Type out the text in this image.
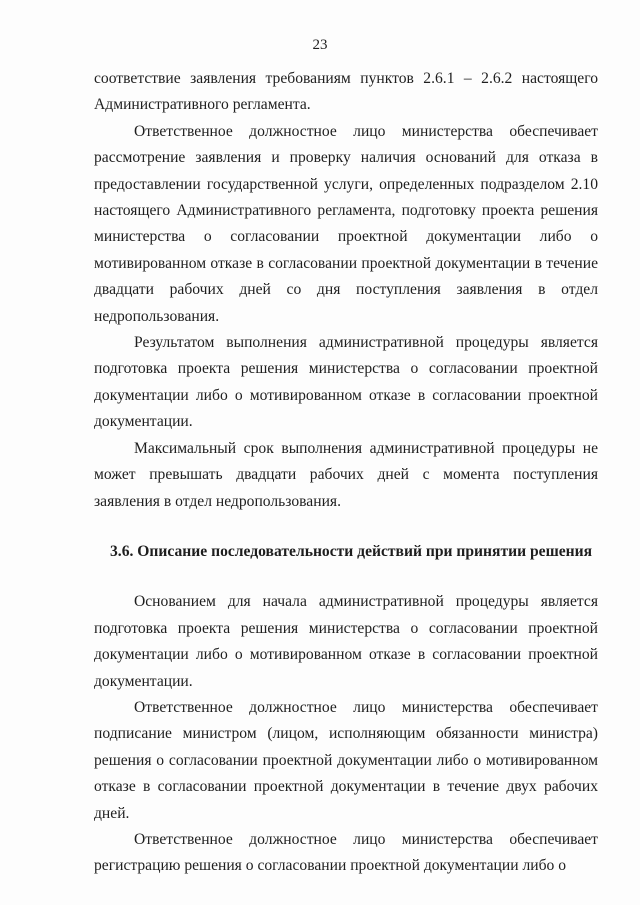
23

соответствие заявления требованиям пунктов 2.6.1 – 2.6.2 настоящего Административного регламента.

Ответственное должностное лицо министерства обеспечивает рассмотрение заявления и проверку наличия оснований для отказа в предоставлении государственной услуги, определенных подразделом 2.10 настоящего Административного регламента, подготовку проекта решения министерства о согласовании проектной документации либо о мотивированном отказе в согласовании проектной документации в течение двадцати рабочих дней со дня поступления заявления в отдел недропользования.

Результатом выполнения административной процедуры является подготовка проекта решения министерства о согласовании проектной документации либо о мотивированном отказе в согласовании проектной документации.

Максимальный срок выполнения административной процедуры не может превышать двадцати рабочих дней с момента поступления заявления в отдел недропользования.

3.6. Описание последовательности действий при принятии решения

Основанием для начала административной процедуры является подготовка проекта решения министерства о согласовании проектной документации либо о мотивированном отказе в согласовании проектной документации.

Ответственное должностное лицо министерства обеспечивает подписание министром (лицом, исполняющим обязанности министра) решения о согласовании проектной документации либо о мотивированном отказе в согласовании проектной документации в течение двух рабочих дней.

Ответственное должностное лицо министерства обеспечивает регистрацию решения о согласовании проектной документации либо о
